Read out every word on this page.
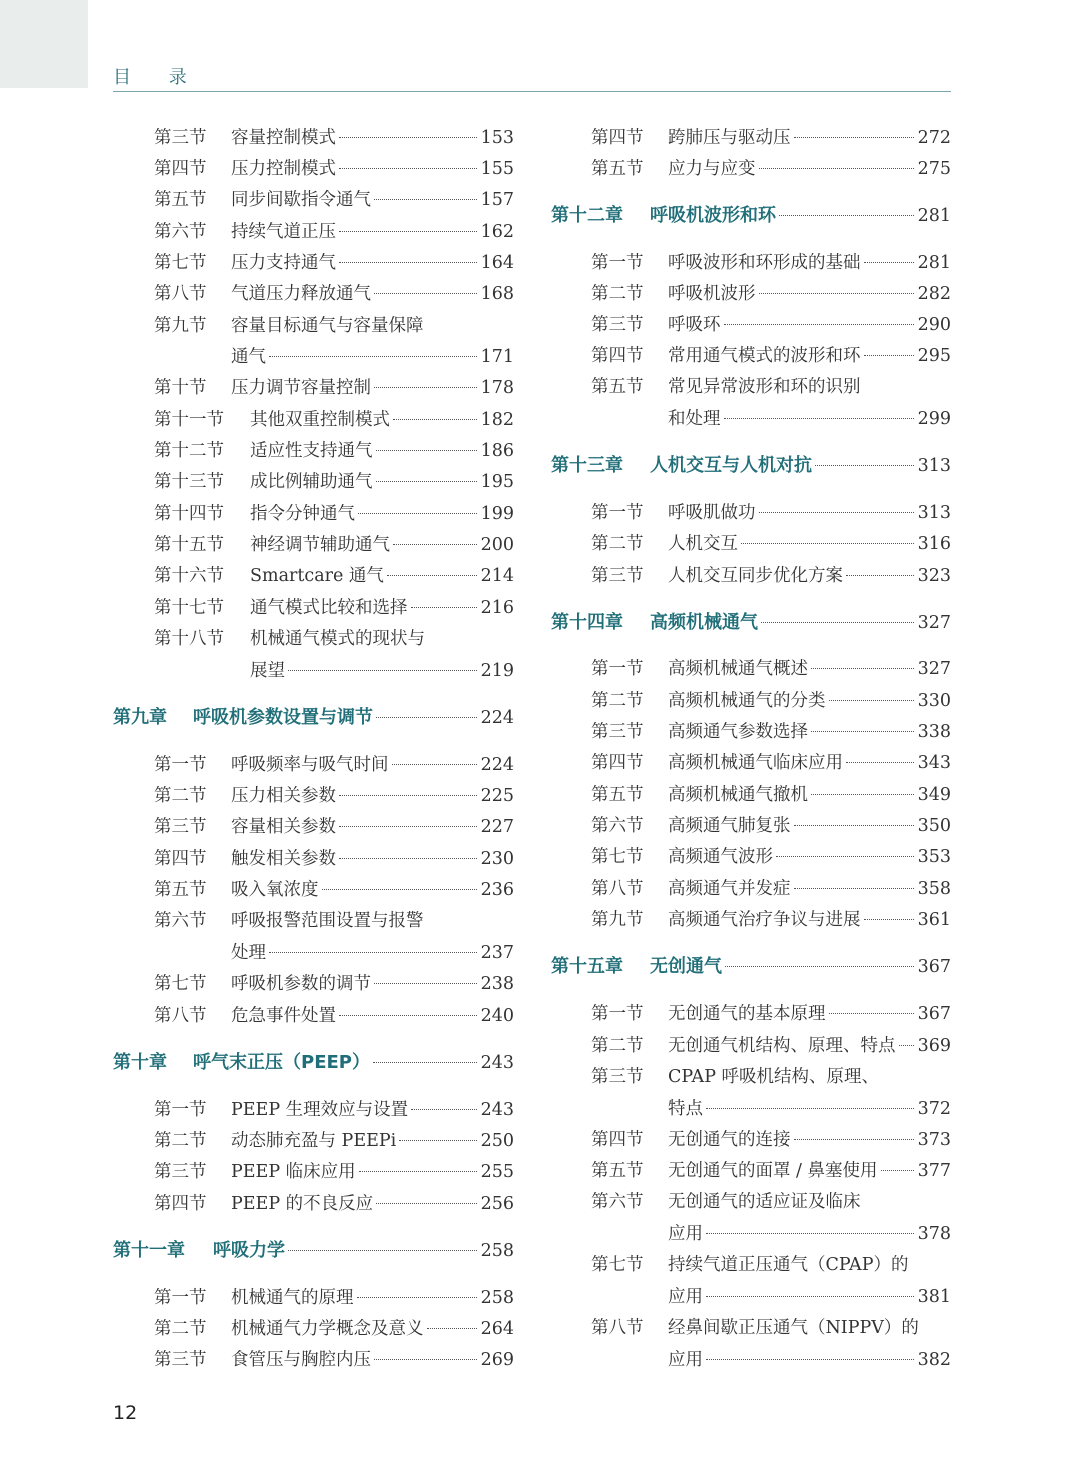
目 录
第三节	容量控制模式	153
第四节	压力控制模式	155
第五节	同步间歇指令通气	157
第六节	持续气道正压	162
第七节	压力支持通气	164
第八节	气道压力释放通气	168
第九节	容量目标通气与容量保障
通气	171
第十节	压力调节容量控制	178
第十一节	其他双重控制模式	182
第十二节	适应性支持通气	186
第十三节	成比例辅助通气	195
第十四节	指令分钟通气	199
第十五节	神经调节辅助通气	200
第十六节	Smartcare 通气	214
第十七节	通气模式比较和选择	216
第十八节	机械通气模式的现状与
展望	219
第九章	呼吸机参数设置与调节	224
第一节	呼吸频率与吸气时间	224
第二节	压力相关参数	225
第三节	容量相关参数	227
第四节	触发相关参数	230
第五节	吸入氧浓度	236
第六节	呼吸报警范围设置与报警
处理	237
第七节	呼吸机参数的调节	238
第八节	危急事件处置	240
第十章	呼气末正压（PEEP）	243
第一节	PEEP 生理效应与设置	243
第二节	动态肺充盈与 PEEPi	250
第三节	PEEP 临床应用	255
第四节	PEEP 的不良反应	256
第十一章	呼吸力学	258
第一节	机械通气的原理	258
第二节	机械通气力学概念及意义	264
第三节	食管压与胸腔内压	269
第四节	跨肺压与驱动压	272
第五节	应力与应变	275
第十二章	呼吸机波形和环	281
第一节	呼吸波形和环形成的基础	281
第二节	呼吸机波形	282
第三节	呼吸环	290
第四节	常用通气模式的波形和环	295
第五节	常见异常波形和环的识别
和处理	299
第十三章	人机交互与人机对抗	313
第一节	呼吸肌做功	313
第二节	人机交互	316
第三节	人机交互同步优化方案	323
第十四章	高频机械通气	327
第一节	高频机械通气概述	327
第二节	高频机械通气的分类	330
第三节	高频通气参数选择	338
第四节	高频机械通气临床应用	343
第五节	高频机械通气撤机	349
第六节	高频通气肺复张	350
第七节	高频通气波形	353
第八节	高频通气并发症	358
第九节	高频通气治疗争议与进展	361
第十五章	无创通气	367
第一节	无创通气的基本原理	367
第二节	无创通气机结构、原理、特点 369
第三节	CPAP 呼吸机结构、原理、
特点	372
第四节	无创通气的连接	373
第五节	无创通气的面罩 / 鼻塞使用 377
第六节	无创通气的适应证及临床
应用	378
第七节	持续气道正压通气（CPAP）的
应用	381
第八节	经鼻间歇正压通气（NIPPV）的
应用	382
12
